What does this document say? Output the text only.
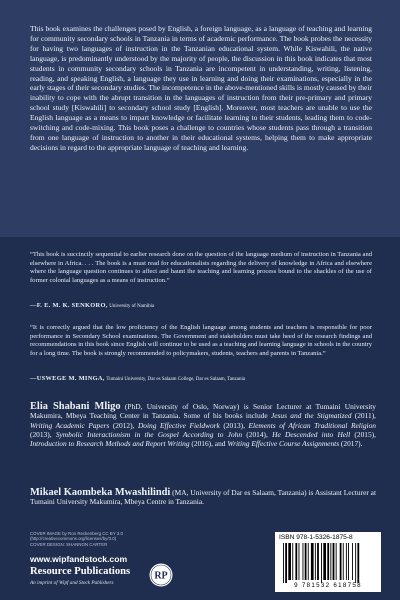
This book examines the challenges posed by English, a foreign language, as a language of teaching and learning for community secondary schools in Tanzania in terms of academic performance. The book probes the necessity for having two languages of instruction in the Tanzanian educational system. While Kiswahili, the native language, is predominantly understood by the majority of people, the discussion in this book indicates that most students in community secondary schools in Tanzania are incompetent in understanding, writing, listening, reading, and speaking English, a language they use in learning and doing their examinations, especially in the early stages of their secondary studies. The incompetence in the above-mentioned skills is mostly caused by their inability to cope with the abrupt transition in the languages of instruction from their pre-primary and primary school study [Kiswahili] to secondary school study [English]. Moreover, most teachers are unable to use the English language as a means to impart knowledge or facilitate learning to their students, leading them to code-switching and code-mixing. This book poses a challenge to countries whose students pass through a transition from one language of instruction to another in their educational systems, helping them to make appropriate decisions in regard to the appropriate language of teaching and learning.

“This book is succinctly sequential to earlier research done on the question of the language medium of instruction in Tanzania and elsewhere in Africa. . . . The book is a must read for educationalists regarding the delivery of knowledge in Africa and elsewhere where the language question continues to affect and haunt the teaching and learning process bound to the shackles of the use of former colonial languages as a means of instruction.”

—F. E. M. K. SENKORO, University of Namibia

“It is correctly argued that the low proficiency of the English language among students and teachers is responsible for poor performance in Secondary School examinations. The Government and stakeholders must take heed of the research findings and recommendations in this book since English will continue to be used as a teaching and learning language in schools in the country for a long time. The book is strongly recommended to policymakers, students, teachers and parents in Tanzania.”

—USWEGE M. MINGA, Tumaini University, Dar es Salaam College, Dar es Salaam, Tanzania

Elia Shabani Mligo (PhD, University of Oslo, Norway) is Senior Lecturer at Tumaini University Makumira, Mbeya Teaching Center in Tanzania. Some of his books include Jesus and the Stigmatized (2011), Writing Academic Papers (2012), Doing Effective Fieldwork (2013), Elements of African Traditional Religion (2013), Symbolic Interactionism in the Gospel According to John (2014), He Descended into Hell (2015), Introduction to Research Methods and Report Writing (2016), and Writing Effective Course Assignments (2017).

Mikael Kaombeka Mwashilindi (MA, University of Dar es Salaam, Tanzania) is Assistant Lecturer at Tumaini University Makumira, Mbeya Centre in Tanzania.

COVER IMAGE by Ron Reckenberg CC BY 3.0
(http://creativecommons.org/licenses/by/3.0)
COVER DESIGN: SHANNON CARTER
www.wipfandstock.com
Resource Publications
An imprint of Wipf and Stock Publishers
RP
ISBN 978-1-5326-1875-8
9 781532 618758
